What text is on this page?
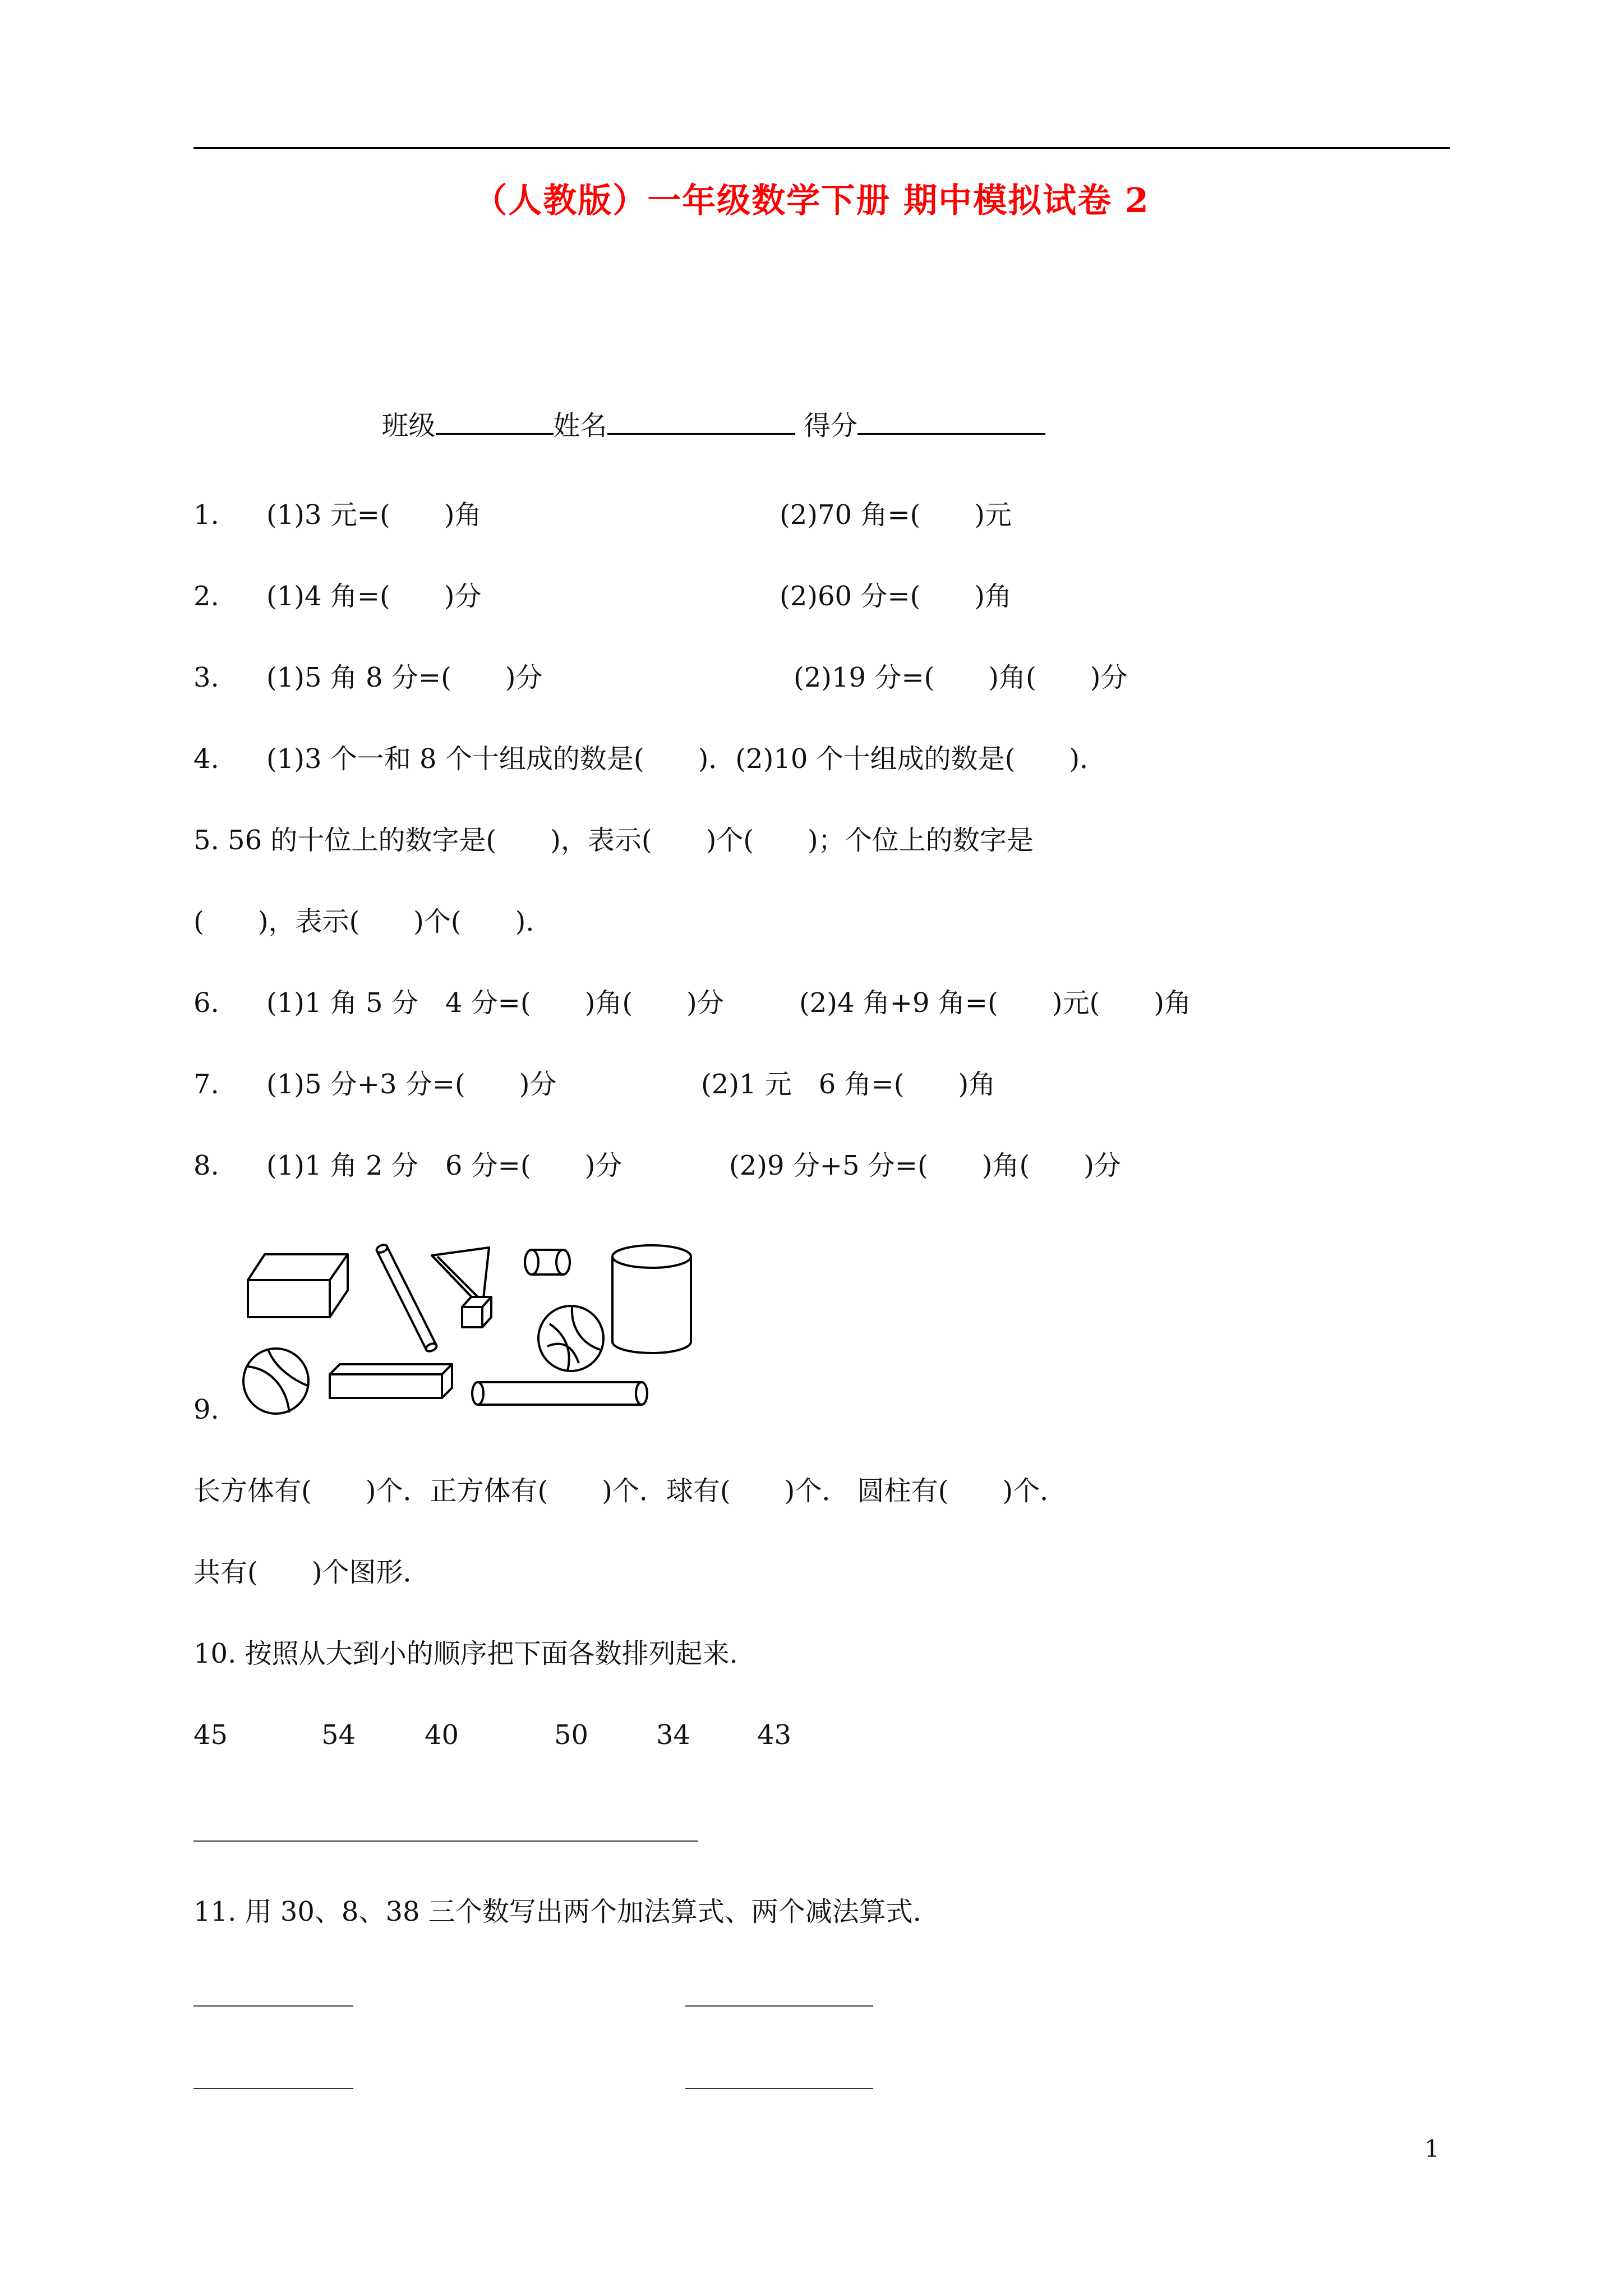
（人教版）一年级数学下册 期中模拟试卷 2

班级	姓名	得分

1. (1)3 元=(　　)角	(2)70 角=(　　)元
2. (1)4 角=(　　)分	(2)60 分=(　　)角
3. (1)5 角 8 分=(　　)分	(2)19 分=(　　)角(　　)分
4. (1)3 个一和 8 个十组成的数是(　　)．(2)10 个十组成的数是(　　)．
5. 56 的十位上的数字是(　　)，表示(　　)个(　　)；个位上的数字是
(　　)，表示(　　)个(　　)．
6. (1)1 角 5 分　4 分=(　　)角(　　)分	(2)4 角+9 角=(　　)元(　　)角
7. (1)5 分+3 分=(　　)分	(2)1 元　6 角=(　　)角
8. (1)1 角 2 分　6 分=(　　)分	(2)9 分+5 分=(　　)角(　　)分
9.
长方体有(　　)个．正方体有(　　)个．球有(　　)个． 圆柱有(　　)个．
共有(　　)个图形．
10. 按照从大到小的顺序把下面各数排列起来．
45	54	40	50	34 43
11. 用 30、8、38 三个数写出两个加法算式、两个减法算式．
1
